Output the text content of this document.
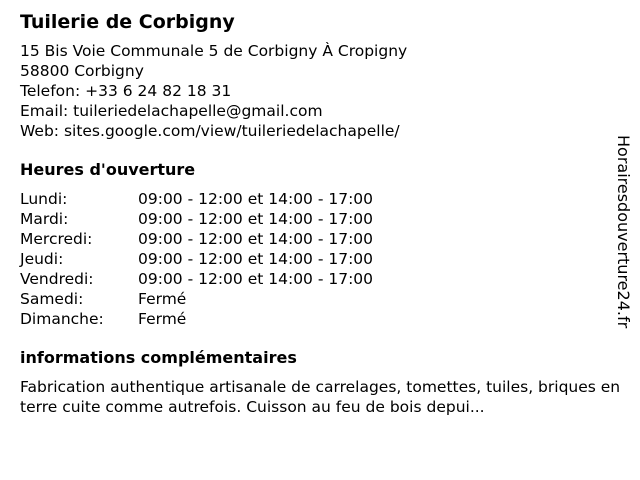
Tuilerie de Corbigny
15 Bis Voie Communale 5 de Corbigny À Cropigny
58800 Corbigny
Telefon: +33 6 24 82 18 31
Email: tuileriedelachapelle@gmail.com
Web: sites.google.com/view/tuileriedelachapelle/
Heures d'ouverture
Lundi:	09:00 - 12:00 et 14:00 - 17:00
Mardi:	09:00 - 12:00 et 14:00 - 17:00
Mercredi:	09:00 - 12:00 et 14:00 - 17:00
Jeudi:	09:00 - 12:00 et 14:00 - 17:00
Vendredi:	09:00 - 12:00 et 14:00 - 17:00
Samedi:	Fermé
Dimanche:	Fermé
informations complémentaires
Fabrication authentique artisanale de carrelages, tomettes, tuiles, briques en terre cuite comme autrefois. Cuisson au feu de bois depui...
Horairesdouverture24.fr
